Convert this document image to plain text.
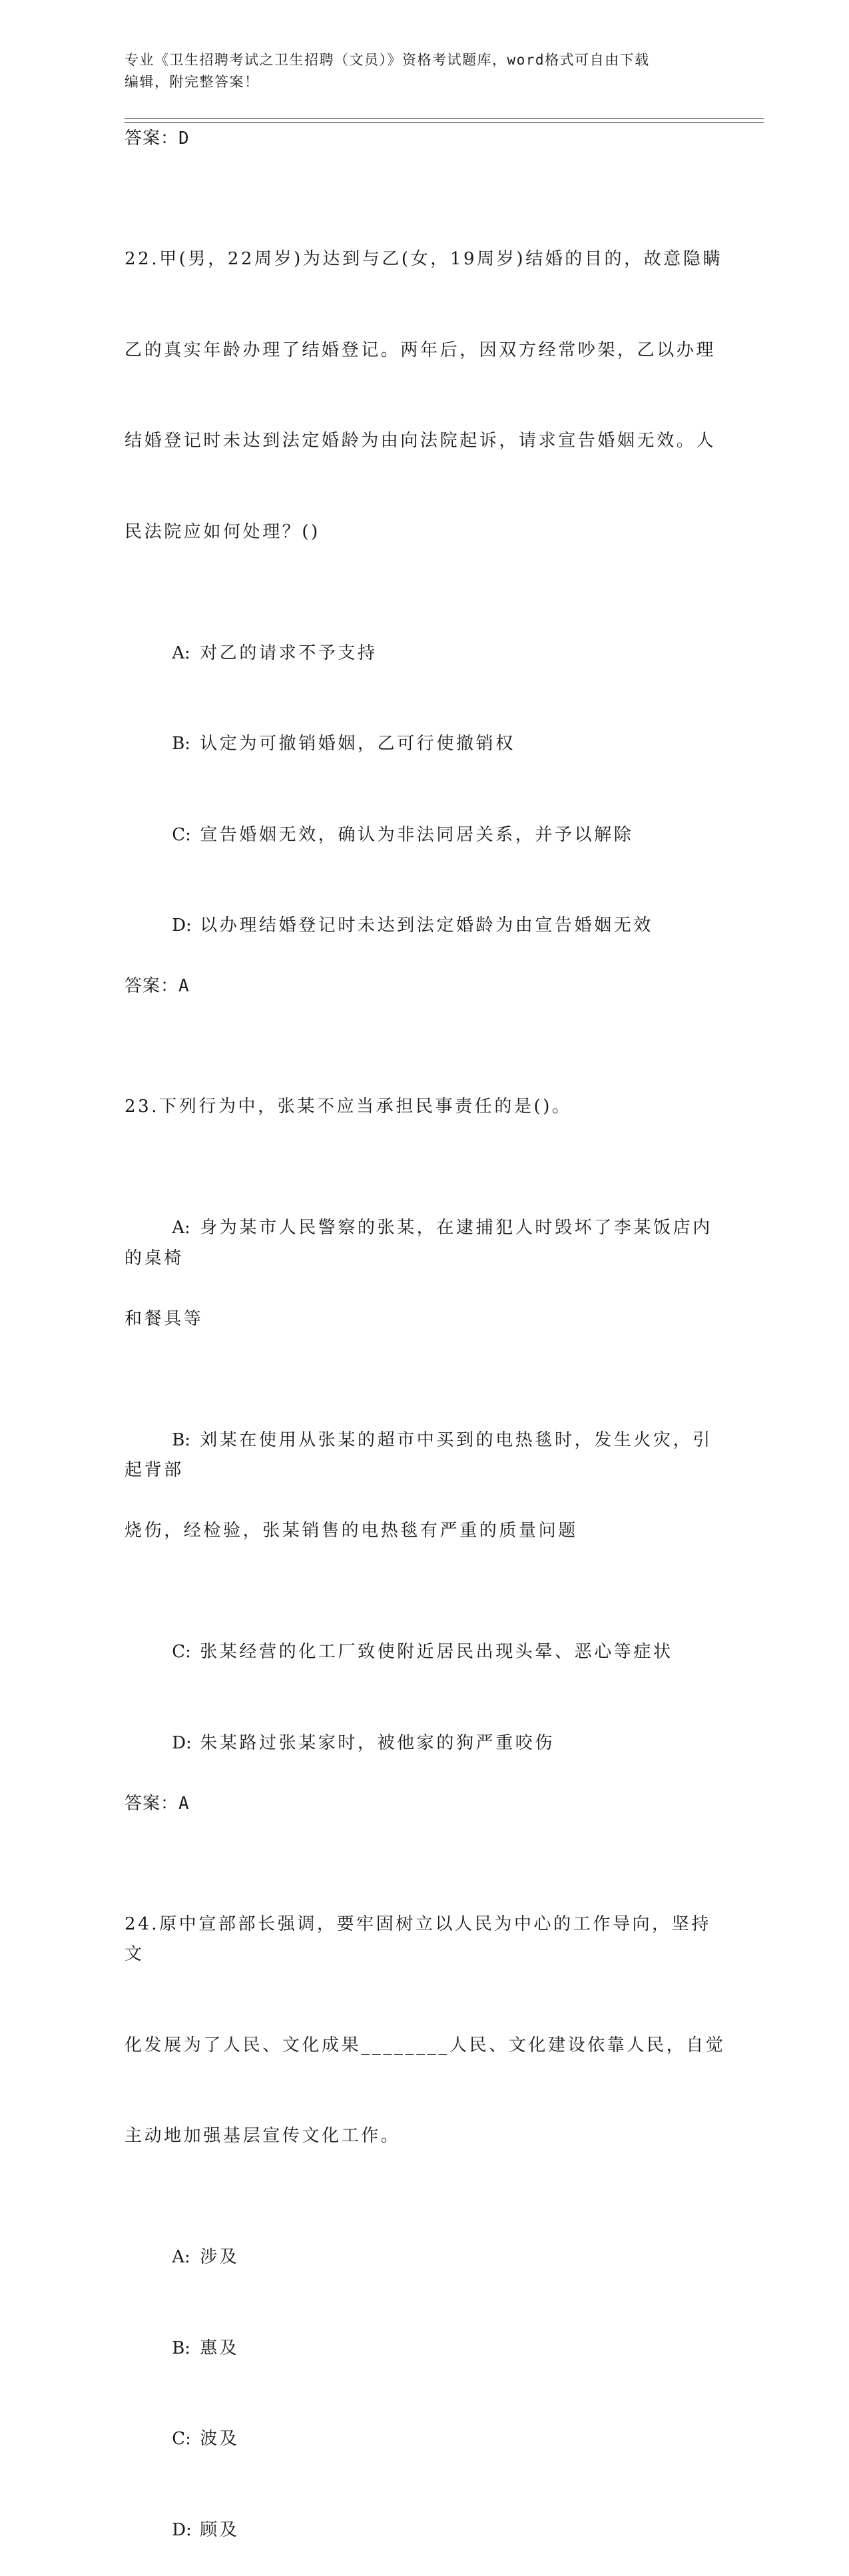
专业《卫生招聘考试之卫生招聘（文员）》资格考试题库，word格式可自由下载
编辑，附完整答案！
答案：D

22.甲(男，22周岁)为达到与乙(女，19周岁)结婚的目的，故意隐瞒

乙的真实年龄办理了结婚登记。两年后，因双方经常吵架，乙以办理

结婚登记时未达到法定婚龄为由向法院起诉，请求宣告婚姻无效。人

民法院应如何处理？()

A: 对乙的请求不予支持

B: 认定为可撤销婚姻，乙可行使撤销权

C: 宣告婚姻无效，确认为非法同居关系，并予以解除

D: 以办理结婚登记时未达到法定婚龄为由宣告婚姻无效

答案：A

23.下列行为中，张某不应当承担民事责任的是()。

A: 身为某市人民警察的张某，在逮捕犯人时毁坏了李某饭店内的桌椅

和餐具等

B: 刘某在使用从张某的超市中买到的电热毯时，发生火灾，引起背部

烧伤，经检验，张某销售的电热毯有严重的质量问题

C: 张某经营的化工厂致使附近居民出现头晕、恶心等症状

D: 朱某路过张某家时，被他家的狗严重咬伤

答案：A

24.原中宣部部长强调，要牢固树立以人民为中心的工作导向，坚持文

化发展为了人民、文化成果________人民、文化建设依靠人民，自觉

主动地加强基层宣传文化工作。

A: 涉及

B: 惠及

C: 波及

D: 顾及
